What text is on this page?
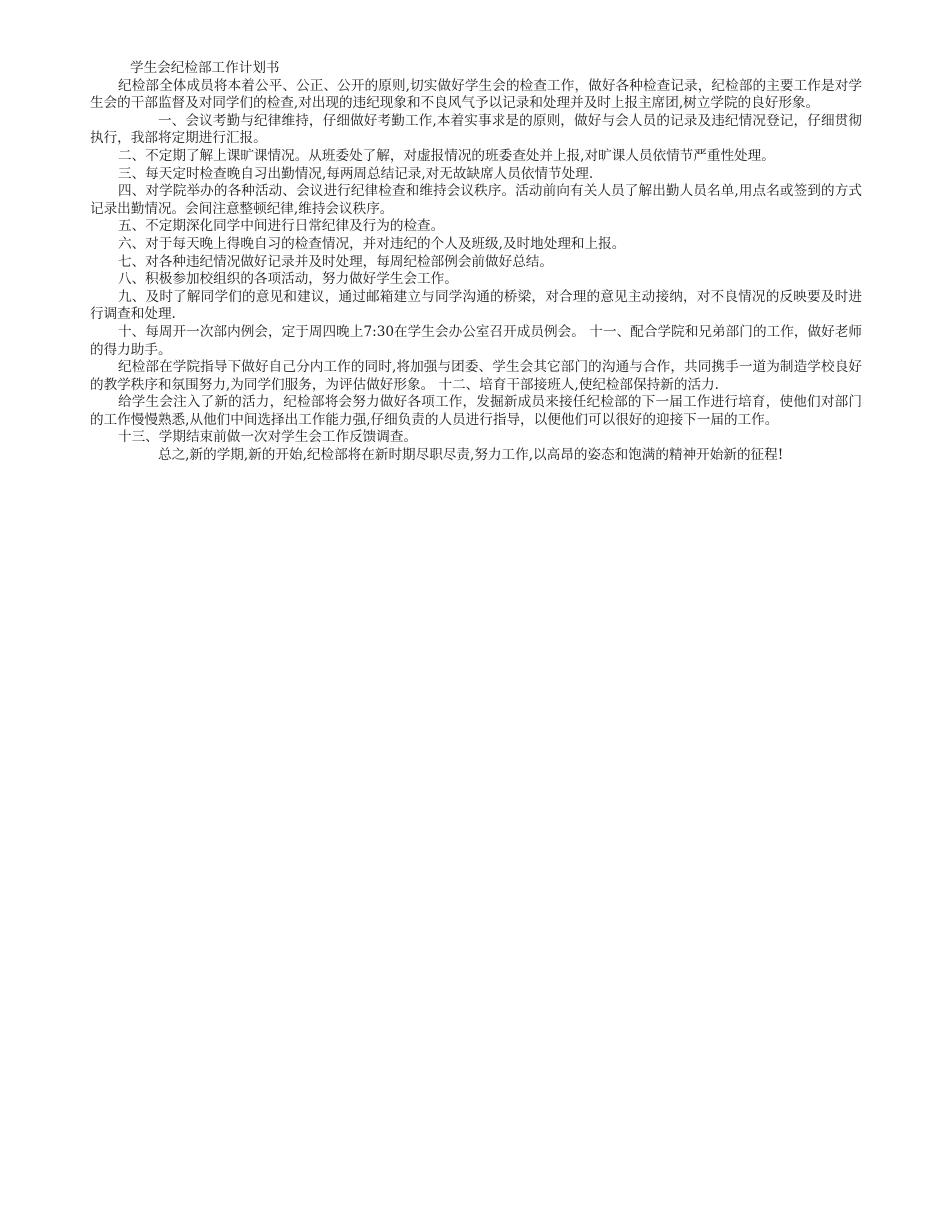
学生会纪检部工作计划书

纪检部全体成员将本着公平、公正、公开的原则,切实做好学生会的检查工作，做好各种检查记录，纪检部的主要工作是对学生会的干部监督及对同学们的检查,对出现的违纪现象和不良风气予以记录和处理并及时上报主席团,树立学院的良好形象。

一、会议考勤与纪律维持，仔细做好考勤工作,本着实事求是的原则，做好与会人员的记录及违纪情况登记，仔细贯彻执行，我部将定期进行汇报。

二、不定期了解上课旷课情况。从班委处了解，对虚报情况的班委查处并上报,对旷课人员依情节严重性处理。

三、每天定时检查晚自习出勤情况,每两周总结记录,对无故缺席人员依情节处理.

四、对学院举办的各种活动、会议进行纪律检查和维持会议秩序。活动前向有关人员了解出勤人员名单,用点名或签到的方式记录出勤情况。会间注意整顿纪律,维持会议秩序。

五、不定期深化同学中间进行日常纪律及行为的检查。

六、对于每天晚上得晚自习的检查情况，并对违纪的个人及班级,及时地处理和上报。

七、对各种违纪情况做好记录并及时处理，每周纪检部例会前做好总结。

八、积极参加校组织的各项活动，努力做好学生会工作。

九、及时了解同学们的意见和建议，通过邮箱建立与同学沟通的桥梁，对合理的意见主动接纳，对不良情况的反映要及时进行调查和处理.

十、每周开一次部内例会，定于周四晚上7:30在学生会办公室召开成员例会。 十一、配合学院和兄弟部门的工作，做好老师的得力助手。

纪检部在学院指导下做好自己分内工作的同时,将加强与团委、学生会其它部门的沟通与合作，共同携手一道为制造学校良好的教学秩序和氛围努力,为同学们服务，为评估做好形象。 十二、培育干部接班人,使纪检部保持新的活力.

给学生会注入了新的活力，纪检部将会努力做好各项工作，发掘新成员来接任纪检部的下一届工作进行培育，使他们对部门的工作慢慢熟悉,从他们中间选择出工作能力强,仔细负责的人员进行指导，以便他们可以很好的迎接下一届的工作。

十三、学期结束前做一次对学生会工作反馈调查。

总之,新的学期,新的开始,纪检部将在新时期尽职尽责,努力工作,以高昂的姿态和饱满的精神开始新的征程!
